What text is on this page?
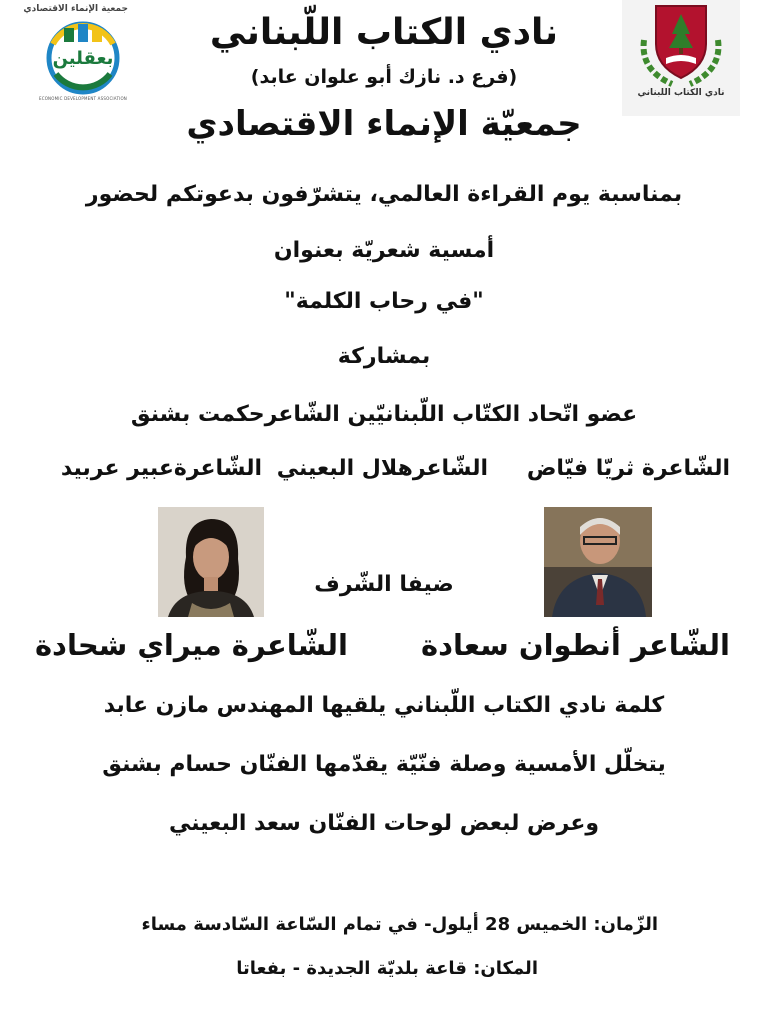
جمعية الإنماء الاقتصادي
بعقلين
ECONOMIC DEVELOPMENT ASSOCIATION
نادي الكتاب اللبناني
نادي الكتاب اللّبناني
(فرع د. نازك أبو علوان عابد)
جمعيّة الإنماء الاقتصادي
بمناسبة يوم القراءة العالمي، يتشرّفون بدعوتكم لحضور
أمسية شعريّة بعنوان
"في رحاب الكلمة"
بمشاركة
عضو اتّحاد الكتّاب اللّبنانيّين الشّاعرحكمت بشنق
الشّاعرة ثريّا فيّاض
الشّاعرهلال البعيني
الشّاعرةعبير عربيد
ضيفا الشّرف
الشّاعر أنطوان سعادة
الشّاعرة ميراي شحادة
كلمة نادي الكتاب اللّبناني يلقيها المهندس مازن عابد
يتخلّل الأمسية وصلة فنّيّة يقدّمها الفنّان حسام بشنق
وعرض لبعض لوحات الفنّان سعد البعيني
الزّمان: الخميس 28 أيلول- في تمام السّاعة السّادسة مساء
المكان: قاعة بلديّة الجديدة - بفعاتا
